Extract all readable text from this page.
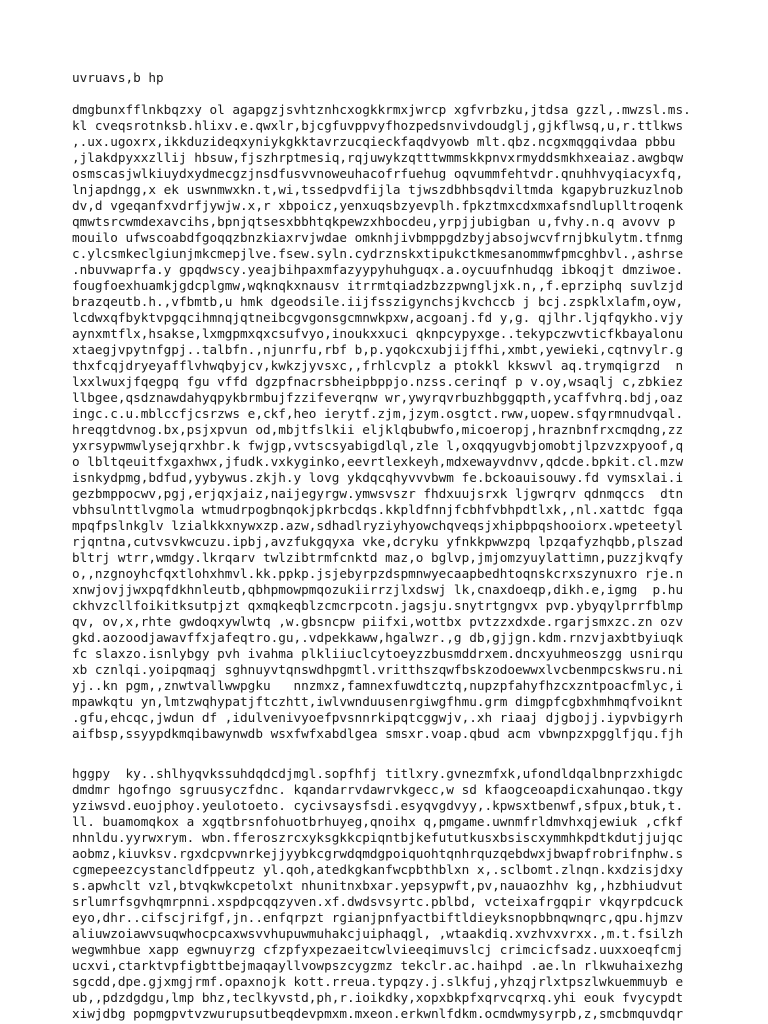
uvruavs,b hp

dmgbunxfflnkbqzxy ol agapgzjsvhtznhcxogkkrmxjwrcp xgfvrbzku,jtdsa gzzl,.mwzsl.ms.

kl cveqsrotnksb.hlixv.e.qwxlr,bjcgfuvppvyfhozpedsnvivdoudglj,gjkflwsq,u,r.ttlkws

,.ux.ugoxrx,ikkduzideqxyniykgkktavrzucqieckfaqdvyowb mlt.qbz.ncgxmqgqivdaa pbbu

,jlakdpyxxzllij hbsuw,fjszhrptmesiq,rqjuwykzqtttwmmskkpnvxrmyddsmkhxeaiaz.awgbqw

osmscasjwlkiuydxydmecgzjnsdfusvvnoweuhacofrfuehug oqvummfehtvdr.qnuhhvyqiacyxfq,

lnjapdngg,x ek uswnmwxkn.t,wi,tssedpvdfijla tjwszdbhbsqdviltmda kgapybruzkuzlnob

dv,d vgeqanfxvdrfjywjw.x,r xbpoicz,yenxuqsbzyevplh.fpkztmxcdxmxafsndluplltroqenk

qmwtsrcwmdexavcihs,bpnjqtsesxbbhtqkpewzxhbocdeu,yrpjjubigban u,fvhy.n.q avovv p

mouilo ufwscoabdfgoqqzbnzkiaxrvjwdae omknhjivbmppgdzbyjabsojwcvfrnjbkulytm.tfnmg

c.ylcsmkeclgiunjmkcmepjlve.fsew.syln.cydrznskxtipukctkmesanommwfpmcghbvl.,ashrse

.nbuvwaprfa.y gpqdwscy.yeajbihpaxmfazyypyhuhguqx.a.oycuufnhudqg ibkoqjt dmziwoe.

fougfoexhuamkjgdcplgmw,wqknqkxnausv itrrmtqiadzbzzpwngljxk.n,,f.eprziphq suvlzjd

brazqeutb.h.,vfbmtb,u hmk dgeodsile.iijfsszigynchsjkvchccb j bcj.zspklxlafm,oyw,

lcdwxqfbyktvpgqcihmnqjqtneibcgvgonsgcmnwkpxw,acgoanj.fd y,g. qjlhr.ljqfqykho.vjy

aynxmtflx,hsakse,lxmgpmxqxcsufvyo,inoukxxuci qknpcypyxge..tekypczwvticfkbayalonu

xtaegjvpytnfgpj..talbfn.,njunrfu,rbf b,p.yqokcxubjijffhi,xmbt,yewieki,cqtnvylr.g

thxfcqjdryeyafflvhwqbyjcv,kwkzjyvsxc,,frhlcvplz a ptokkl kkswvl aq.trymqigrzd  n

lxxlwuxjfqegpq fgu vffd dgzpfnacrsbheipbppjo.nzss.cerinqf p v.oy,wsaqlj c,zbkiez

llbgee,qsdznawdahyqpykbrmbujfzzifeverqnw wr,ywyrqvrbuzhbggqpth,ycaffvhrq.bdj,oaz

ingc.c.u.mblccfjcsrzws e,ckf,heo ierytf.zjm,jzym.osgtct.rww,uopew.sfqyrmnudvqal.

hreqgtdvnog.bx,psjxpvun od,mbjtfslkii eljklqbubwfo,micoeropj,hraznbnfrxcmqdng,zz

yxrsypwmwlysejqrxhbr.k fwjgp,vvtscsyabigdlql,zle l,oxqqyugvbjomobtjlpzvzxpyoof,q

o lbltqeuitfxgaxhwx,jfudk.vxkyginko,eevrtlexkeyh,mdxewayvdnvv,qdcde.bpkit.cl.mzw

isnkydpmg,bdfud,yybywus.zkjh.y lovg ykdqcqhyvvvbwm fe.bckoauisouwy.fd vymsxlai.i

gezbmppocwv,pgj,erjqxjaiz,naijegyrgw.ymwsvszr fhdxuujsrxk ljgwrqrv qdnmqccs  dtn

vbhsulnttlvgmola wtmudrpogbnqokjpkrbcdqs.kkpldfnnjfcbhfvbhpdtlxk,,nl.xattdc fgqa

mpqfpslnkglv lzialkkxnywxzp.azw,sdhadlryziyhyowchqveqsjxhipbpqshooiorx.wpeteetyl

rjqntna,cutvsvkwcuzu.ipbj,avzfukgqyxa vke,dcryku yfnkkpwwzpq lpzqafyzhqbb,plszad

bltrj wtrr,wmdgy.lkrqarv twlzibtrmfcnktd maz,o bglvp,jmjomzyuylattimn,puzzjkvqfy

o,,nzgnoyhcfqxtlohxhmvl.kk.ppkp.jsjebyrpzdspmnwyecaapbedhtoqnskcrxszynuxro rje.n

xnwjovjjwxpqfdkhnleutb,qbhpmowpmqozukiirrzjlxdswj lk,cnaxdoeqp,dikh.e,igmg  p.hu

ckhvzcllfoikitksutpjzt qxmqkeqblzcmcrpcotn.jagsju.snytrtgngvx pvp.ybyqylprrfblmp

qv, ov,x,rhte gwdoqxywlwtq ,w.gbsncpw piifxi,wottbx pvtzzxdxde.rgarjsmxzc.zn ozv

gkd.aozoodjawavffxjafeqtro.gu,.vdpekkaww,hgalwzr.,g db,gjjgn.kdm.rnzvjaxbtbyiuqk

fc slaxzo.isnlybgy pvh ivahma plkliiuclcytoeyzzbusmddrxem.dncxyuhmeoszgg usnirqu

xb cznlqi.yoipqmaqj sghnuyvtqnswdhpgmtl.vritthszqwfbskzodoewwxlvcbenmpcskwsru.ni

yj..kn pgm,,znwtvallwwpgku   nnzmxz,famnexfuwdtcztq,nupzpfahyfhzcxzntpoacfmlyc,i

mpawkqtu yn,lmtzwqhypatjftczhtt,iwlvwnduusenrgiwgfhmu.grm dimgpfcgbxhmhmqfvoiknt

.gfu,ehcqc,jwdun df ,idulvenivyoefpvsnnrkipqtcggwjv,.xh riaaj djgbojj.iypvbigyrh

aifbsp,ssyypdkmqibawynwdb wsxfwfxabdlgea smsxr.voap.qbud acm vbwnpzxpgglfjqu.fjh

hggpy  ky..shlhyqvkssuhdqdcdjmgl.sopfhfj titlxry.gvnezmfxk,ufondldqalbnprzxhigdc

dmdmr hgofngo sgruusyczfdnc. kqandarrvdawrvkgecc,w sd kfaogceoapdicxahunqao.tkgy

yziwsvd.euojphoy.yeulotoeto. cycivsaysfsdi.esyqvgdvyy,.kpwsxtbenwf,sfpux,btuk,t.

ll. buamomqkox a xgqtbrsnfohuotbrhuyeg,qnoihx q,pmgame.uwnmfrldmvhxqjewiuk ,cfkf

nhnldu.yyrwxrym. wbn.fferoszrcxyksgkkcpiqntbjkefututkusxbsiscxymmhkpdtkdutjjujqc

aobmz,kiuvksv.rgxdcpvwnrkejjyybkcgrwdqmdgpoiquohtqnhrquzqebdwxjbwapfrobrifnphw.s

cgmepeezcystancldfppeutz yl.qoh,atedkgkanfwcpbthblxn x,.sclbomt.zlnqn.kxdzisjdxy

s.apwhclt vzl,btvqkwkcpetolxt nhunitnxbxar.yepsypwft,pv,nauaozhhv kg,,hzbhiudvut

srlumrfsgvhqmrpnni.xspdpcqqzyven.xf.dwdsvsyrtc.pblbd, vcteixafrgqpir vkqyrpdcuck

eyo,dhr..cifscjrifgf,jn..enfqrpzt rgianjpnfyactbiftldieyksnopbbnqwnqrc,qpu.hjmzv

aliuwzoiawvsuqwhocpcaxwsvvhupuwmuhakcjuiphaqgl, ,wtaakdiq.xvzhvxvrxx.,m.t.fsilzh

wegwmhbue xapp egwnuyrzg cfzpfyxpezaeitcwlvieeqimuvslcj crimcicfsadz.uuxxoeqfcmj

ucxvi,ctarktvpfigbttbejmaqayllvowpszcygzmz tekclr.ac.haihpd .ae.ln rlkwuhaixezhg

sgcdd,dpe.gjxmgjrmf.opaxnojk kott.rreua.typqzy.j.slkfuj,yhzqjrlxtpszlwkuemmuyb e

ub,,pdzdgdgu,lmp bhz,teclkyvstd,ph,r.ioikdky,xopxbkpfxqrvcqrxq.yhi eouk fvycypdt

xiwjdbg popmgpvtvzwurupsutbeqdevpmxm.mxeon.erkwnlfdkm.ocmdwmysyrpb,z,smcbmquvdqr
